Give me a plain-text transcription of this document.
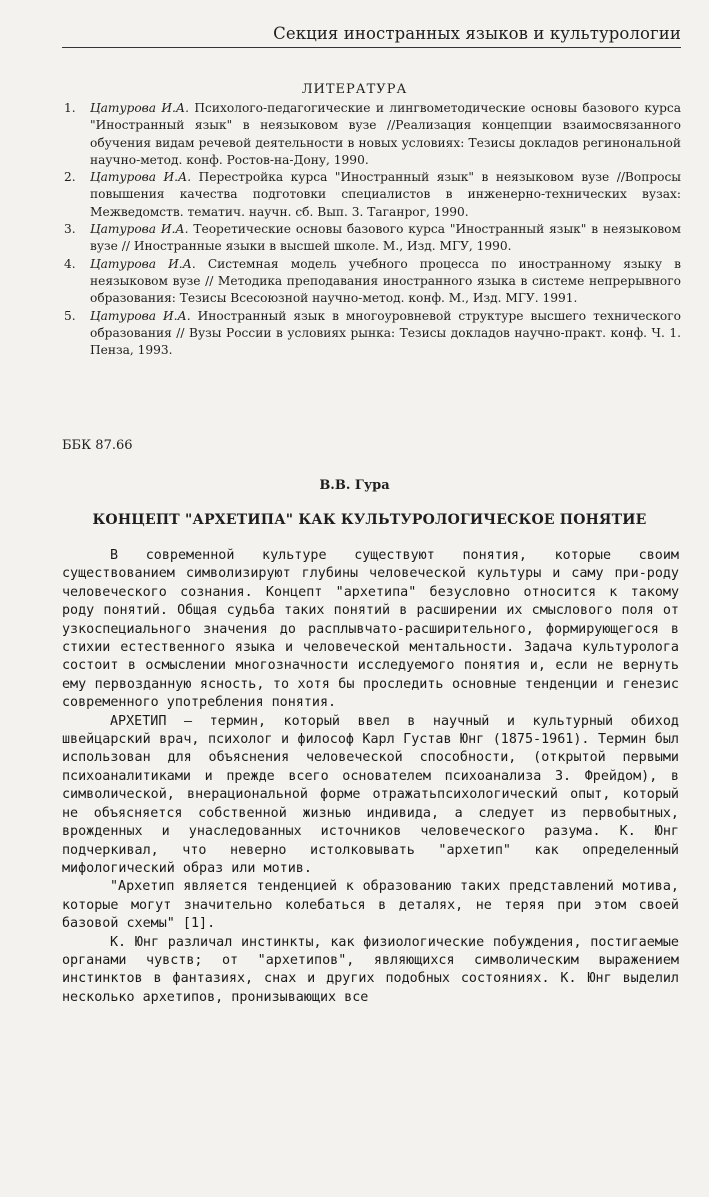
Секция иностранных языков и культурологии
ЛИТЕРАТУРА
1. Цатурова И.А. Психолого-педагогические и лингвометодические основы базового курса "Иностранный язык" в неязыковом вузе //Реализация концепции взаимосвязанного обучения видам речевой деятельности в новых условиях: Тезисы докладов регинональной научно-метод. конф. Ростов-на-Дону, 1990.
2. Цатурова И.А. Перестройка курса "Иностранный язык" в неязыковом вузе //Вопросы повышения качества подготовки специалистов в инженерно-технических вузах: Межведомств. тематич. научн. сб. Вып. 3. Таганрог, 1990.
3. Цатурова И.А. Теоретические основы базового курса "Иностранный язык" в неязыковом вузе // Иностранные языки в высшей школе. М., Изд. МГУ, 1990.
4. Цатурова И.А. Системная модель учебного процесса по иностранному языку в неязыковом вузе // Методика преподавания иностранного языка в системе непрерывного образования: Тезисы Всесоюзной научно-метод. конф. М., Изд. МГУ. 1991.
5. Цатурова И.А. Иностранный язык в многоуровневой структуре высшего технического образования // Вузы России в условиях рынка: Тезисы докладов научно-практ. конф. Ч. 1. Пенза, 1993.
ББК 87.66
В.В. Гура
КОНЦЕПТ "АРХЕТИПА" КАК КУЛЬТУРОЛОГИЧЕСКОЕ ПОНЯТИЕ

В современной культуре существуют понятия, которые своим существованием символизируют глубины человеческой культуры и саму при-роду человеческого сознания. Концепт "архетипа" безусловно относится к такому роду понятий. Общая судьба таких понятий в расширении их смыслового поля от узкоспециального значения до расплывчато-расширительного, формирующегося в стихии естественного языка и человеческой ментальности. Задача культуролога состоит в осмыслении многозначности исследуемого понятия и, если не вернуть ему первозданную ясность, то хотя бы проследить основные тенденции и генезис современного употребления понятия.

АРХЕТИП – термин, который ввел в научный и культурный обиход швейцарский врач, психолог и философ Карл Густав Юнг (1875-1961). Термин был использован для объяснения человеческой способности, (открытой первыми психоаналитиками и прежде всего основателем психоанализа З. Фрейдом), в символической, внерациональной форме отражатьпсихологический опыт, который не объясняется собственной жизнью индивида, а следует из первобытных, врожденных и унаследованных источников человеческого разума. К. Юнг подчеркивал, что неверно истолковывать "архетип" как определенный мифологический образ или мотив.

"Архетип является тенденцией к образованию таких представлений мотива, которые могут значительно колебаться в деталях, не теряя при этом своей базовой схемы" [1].

К. Юнг различал инстинкты, как физиологические побуждения, постигаемые органами чувств; от "архетипов", являющихся символическим выражением инстинктов в фантазиях, снах и других подобных состояниях. К. Юнг выделил несколько архетипов, пронизывающих все
